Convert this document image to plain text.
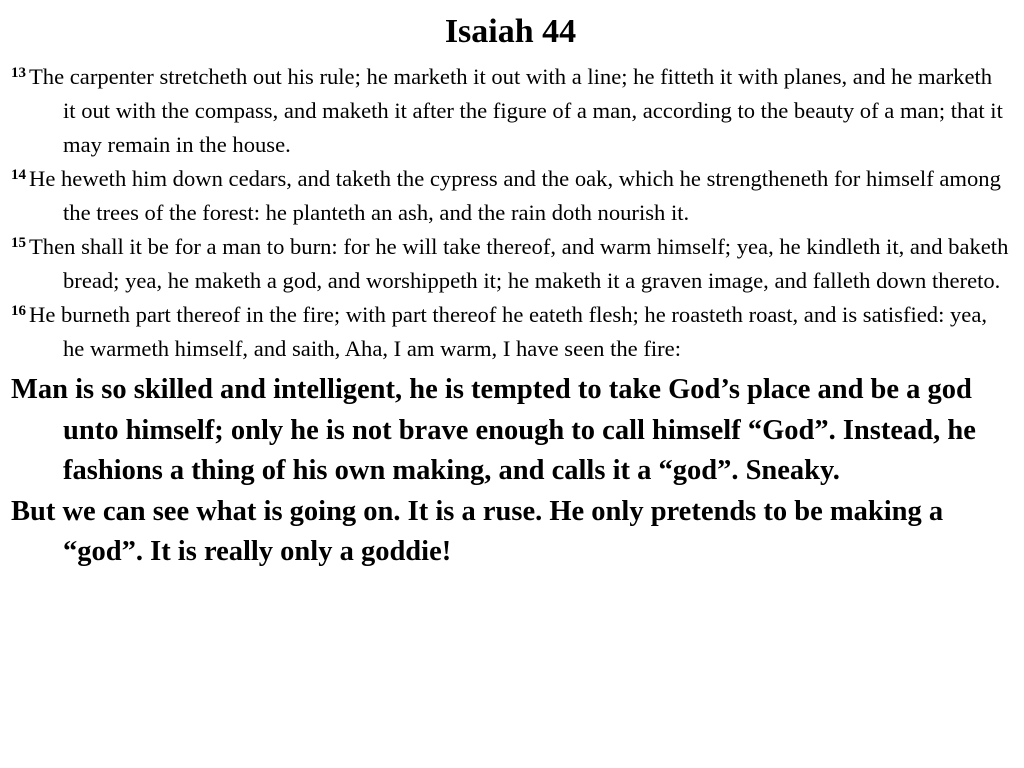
Isaiah 44

$^{13}$ The carpenter stretcheth out his rule; he marketh it out with a line; he fitteth it with planes, and he marketh it out with the compass, and maketh it after the figure of a man, according to the beauty of a man; that it may remain in the house.

$^{14}$ He heweth him down cedars, and taketh the cypress and the oak, which he strengtheneth for himself among the trees of the forest: he planteth an ash, and the rain doth nourish it.

$^{15}$ Then shall it be for a man to burn: for he will take thereof, and warm himself; yea, he kindleth it, and baketh bread; yea, he maketh a god, and worshippeth it; he maketh it a graven image, and falleth down thereto.

$^{16}$ He burneth part thereof in the fire; with part thereof he eateth flesh; he roasteth roast, and is satisfied: yea, he warmeth himself, and saith, Aha, I am warm, I have seen the fire:

Man is so skilled and intelligent, he is tempted to take God’s place and be a god unto himself; only he is not brave enough to call himself “God”. Instead, he fashions a thing of his own making, and calls it a “god”. Sneaky.

But we can see what is going on. It is a ruse. He only pretends to be making a “god”. It is really only a goddie!
